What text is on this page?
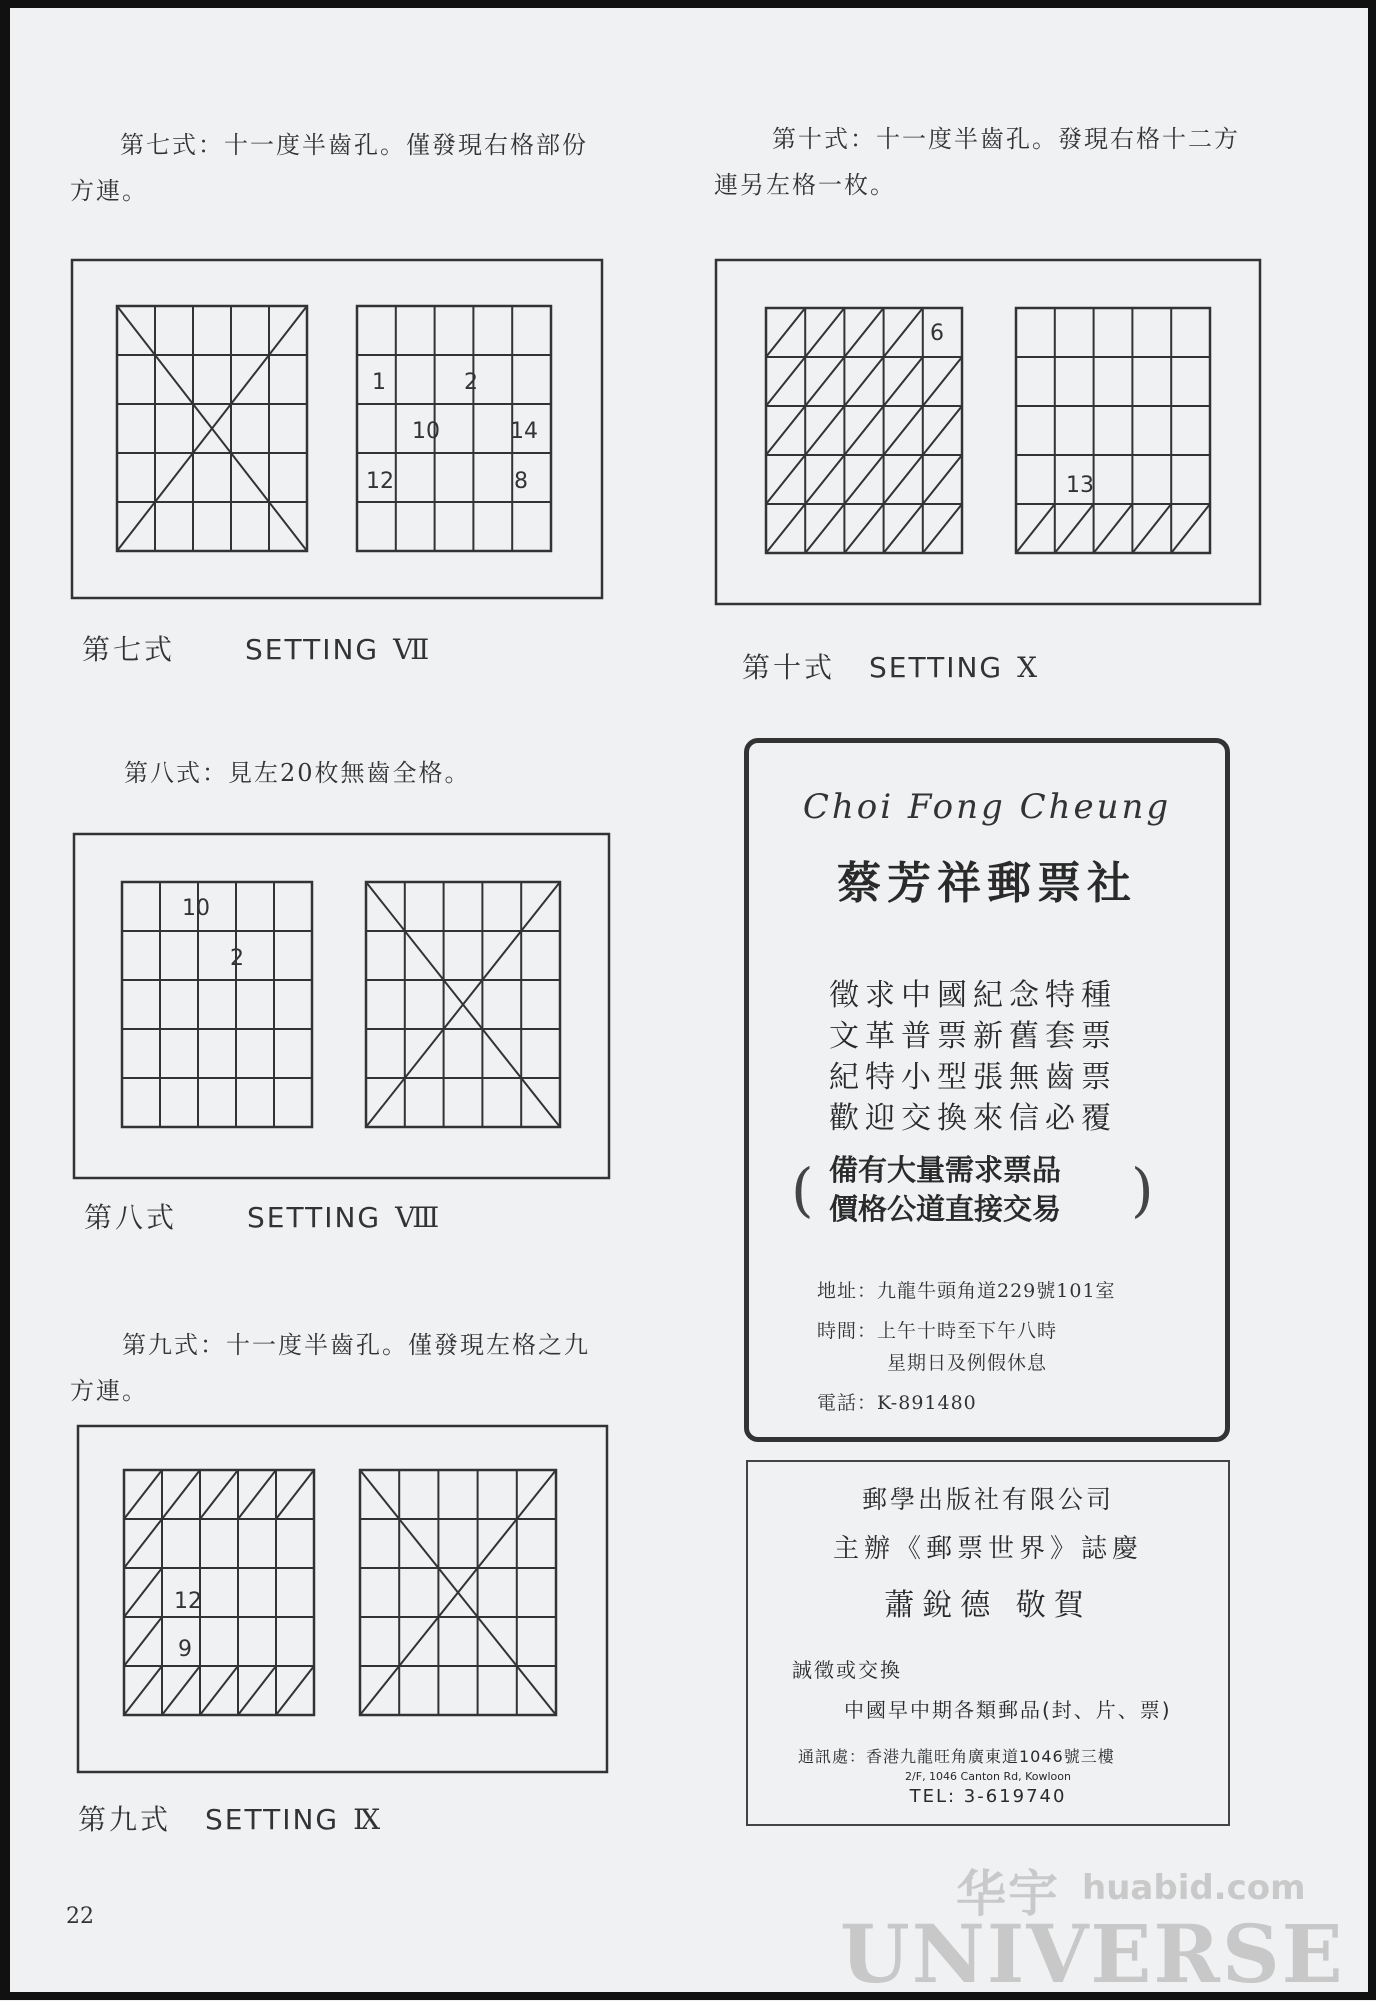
第七式：十一度半齒孔。僅發現右格部份
方連。
1	2
10	14
12	8
第七式	SETTING Ⅶ
第八式：見左20枚無齒全格。
10
2
第八式	SETTING Ⅷ
第九式：十一度半齒孔。僅發現左格之九
方連。
12
9
第九式 SETTING Ⅸ
第十式：十一度半齒孔。發現右格十二方
連另左格一枚。
6
13
第十式 SETTING Ⅹ
Choi Fong Cheung
蔡芳祥郵票社
徵求中國紀念特種
文革普票新舊套票
紀特小型張無齒票
歡迎交換來信必覆
( 備有大量需求票品
價格公道直接交易 )
地址：九龍牛頭角道229號101室
時間：上午十時至下午八時
星期日及例假休息
電話：K-891480
郵學出版社有限公司
主辦《郵票世界》誌慶
蕭銳德 敬賀
誠徵或交換
中國早中期各類郵品(封、片、票)
通訊處：香港九龍旺角廣東道1046號三樓
2/F, 1046 Canton Rd, Kowloon
TEL: 3-619740
22	华宇 huabid.com
UNIVERSE
